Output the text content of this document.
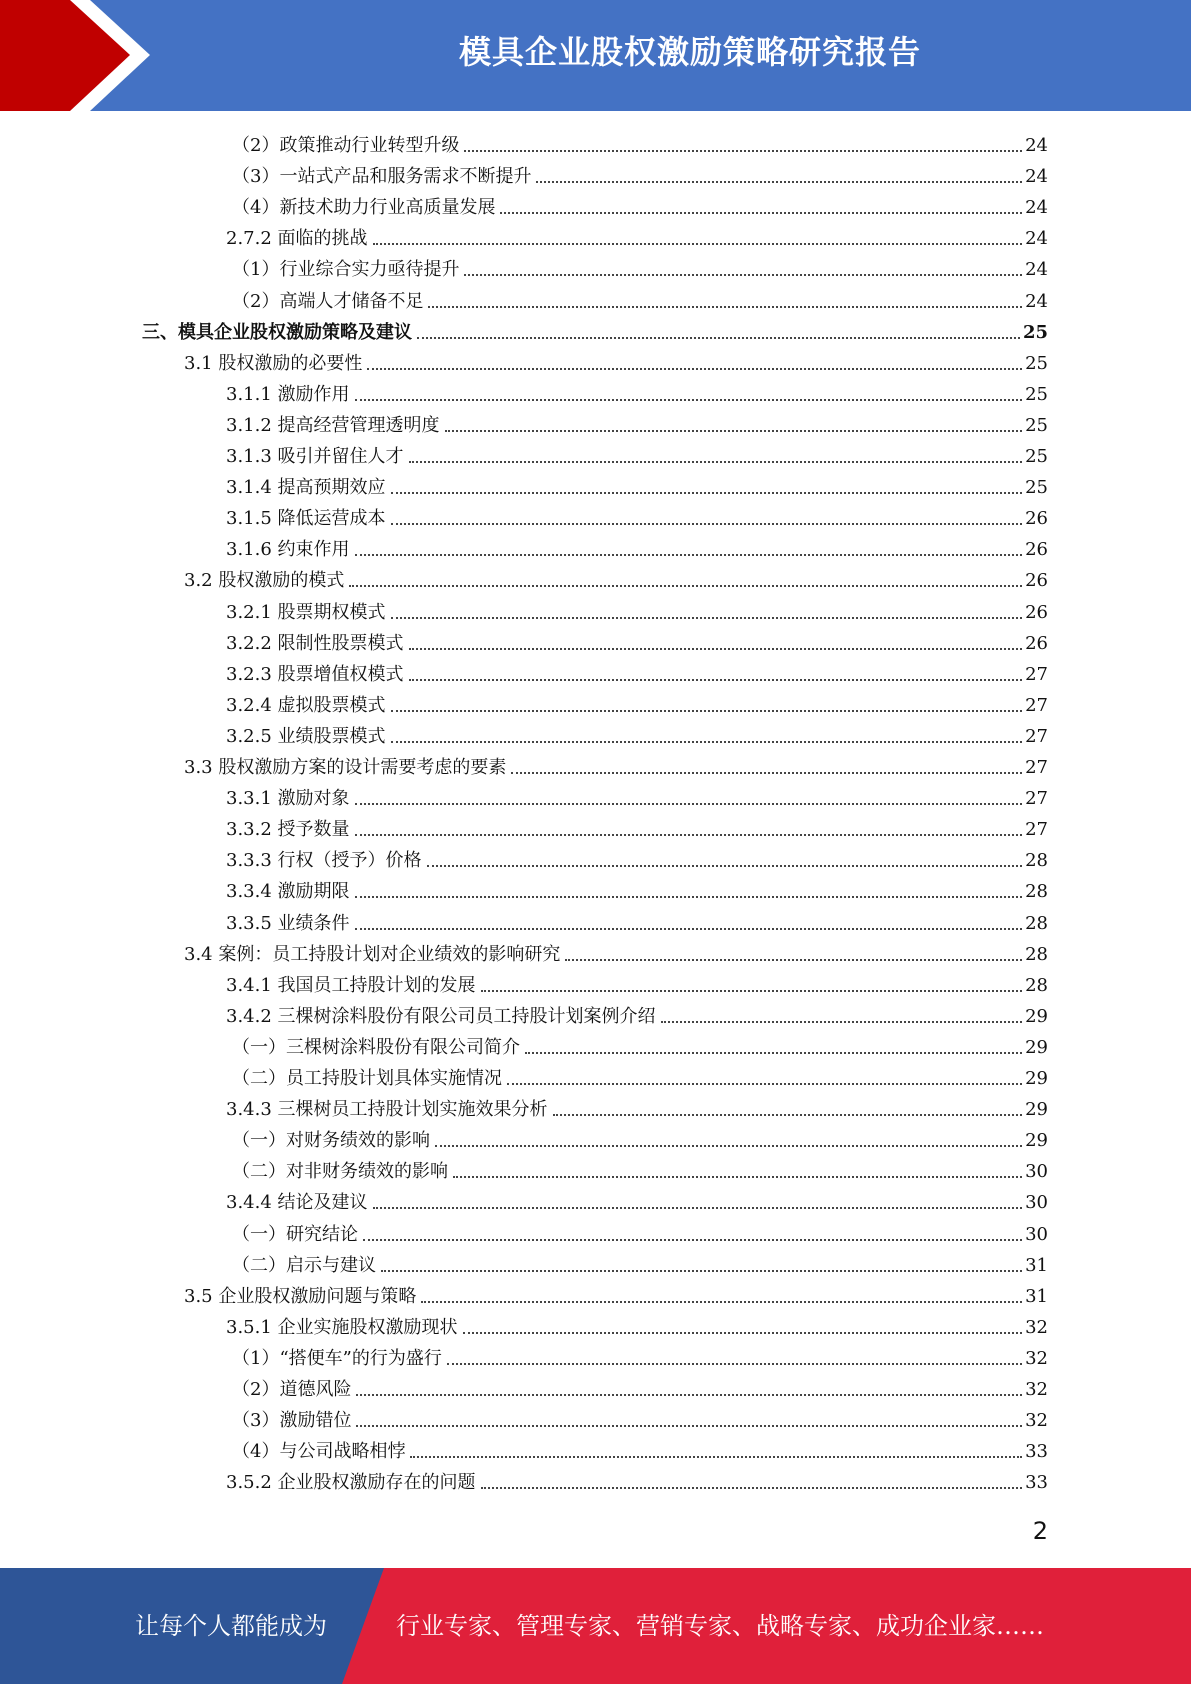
模具企业股权激励策略研究报告
（2）政策推动行业转型升级	24
（3）一站式产品和服务需求不断提升	24
（4）新技术助力行业高质量发展	24
2.7.2 面临的挑战	24
（1）行业综合实力亟待提升	24
（2）高端人才储备不足	24
三、模具企业股权激励策略及建议	25
3.1 股权激励的必要性	25
3.1.1 激励作用	25
3.1.2 提高经营管理透明度	25
3.1.3 吸引并留住人才	25
3.1.4 提高预期效应	25
3.1.5 降低运营成本	26
3.1.6 约束作用	26
3.2 股权激励的模式	26
3.2.1 股票期权模式	26
3.2.2 限制性股票模式	26
3.2.3 股票增值权模式	27
3.2.4 虚拟股票模式	27
3.2.5 业绩股票模式	27
3.3 股权激励方案的设计需要考虑的要素	27
3.3.1 激励对象	27
3.3.2 授予数量	27
3.3.3 行权（授予）价格	28
3.3.4 激励期限	28
3.3.5 业绩条件	28
3.4 案例：员工持股计划对企业绩效的影响研究	28
3.4.1 我国员工持股计划的发展	28
3.4.2 三棵树涂料股份有限公司员工持股计划案例介绍	29
（一）三棵树涂料股份有限公司简介	29
（二）员工持股计划具体实施情况	29
3.4.3 三棵树员工持股计划实施效果分析	29
（一）对财务绩效的影响	29
（二）对非财务绩效的影响	30
3.4.4 结论及建议	30
（一）研究结论	30
（二）启示与建议	31
3.5 企业股权激励问题与策略	31
3.5.1 企业实施股权激励现状	32
（1）“搭便车”的行为盛行	32
（2）道德风险	32
（3）激励错位	32
（4）与公司战略相悖	33
3.5.2 企业股权激励存在的问题	33
2
让每个人都能成为	行业专家、管理专家、营销专家、战略专家、成功企业家……
